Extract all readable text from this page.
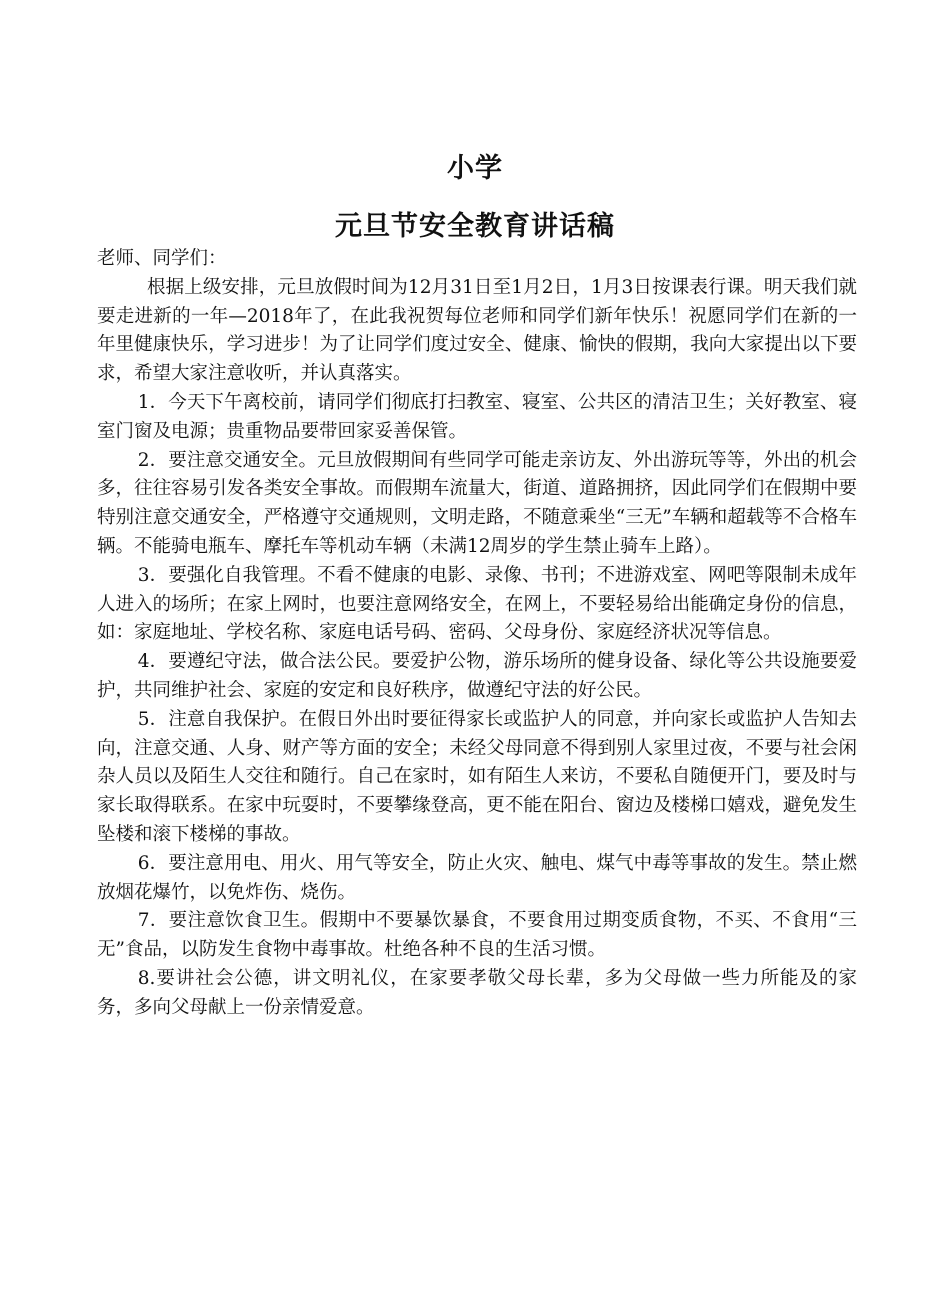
小学
元旦节安全教育讲话稿

老师、同学们：

根据上级安排，元旦放假时间为12月31日至1月2日，1月3日按课表行课。明天我们就要走进新的一年—2018年了，在此我祝贺每位老师和同学们新年快乐！祝愿同学们在新的一年里健康快乐，学习进步！为了让同学们度过安全、健康、愉快的假期，我向大家提出以下要求，希望大家注意收听，并认真落实。

1．今天下午离校前，请同学们彻底打扫教室、寝室、公共区的清洁卫生；关好教室、寝室门窗及电源；贵重物品要带回家妥善保管。

2．要注意交通安全。元旦放假期间有些同学可能走亲访友、外出游玩等等，外出的机会多，往往容易引发各类安全事故。而假期车流量大，街道、道路拥挤，因此同学们在假期中要特别注意交通安全，严格遵守交通规则，文明走路，不随意乘坐“三无”车辆和超载等不合格车辆。不能骑电瓶车、摩托车等机动车辆（未满12周岁的学生禁止骑车上路）。

3．要强化自我管理。不看不健康的电影、录像、书刊；不进游戏室、网吧等限制未成年人进入的场所；在家上网时，也要注意网络安全，在网上，不要轻易给出能确定身份的信息，如：家庭地址、学校名称、家庭电话号码、密码、父母身份、家庭经济状况等信息。

4．要遵纪守法，做合法公民。要爱护公物，游乐场所的健身设备、绿化等公共设施要爱护，共同维护社会、家庭的安定和良好秩序，做遵纪守法的好公民。

5．注意自我保护。在假日外出时要征得家长或监护人的同意，并向家长或监护人告知去向，注意交通、人身、财产等方面的安全；未经父母同意不得到别人家里过夜，不要与社会闲杂人员以及陌生人交往和随行。自己在家时，如有陌生人来访，不要私自随便开门，要及时与家长取得联系。在家中玩耍时，不要攀缘登高，更不能在阳台、窗边及楼梯口嬉戏，避免发生坠楼和滚下楼梯的事故。

6．要注意用电、用火、用气等安全，防止火灾、触电、煤气中毒等事故的发生。禁止燃放烟花爆竹，以免炸伤、烧伤。

7．要注意饮食卫生。假期中不要暴饮暴食，不要食用过期变质食物，不买、不食用“三无”食品，以防发生食物中毒事故。杜绝各种不良的生活习惯。

8.要讲社会公德，讲文明礼仪，在家要孝敬父母长辈，多为父母做一些力所能及的家务，多向父母献上一份亲情爱意。
